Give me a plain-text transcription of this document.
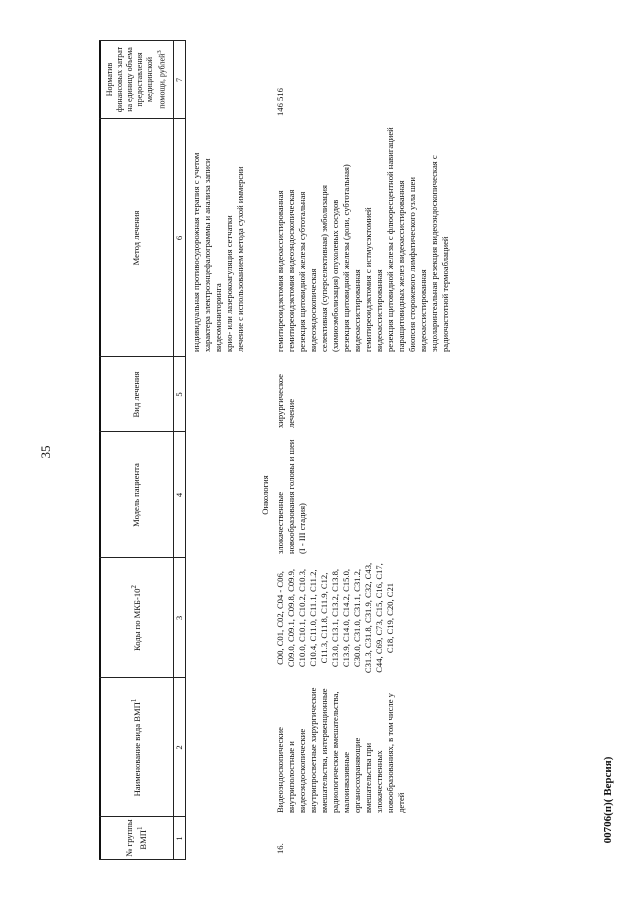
35
00706(п)( Версия)
№ группы ВМП$^1$
Наименование вида ВМП$^1$
Коды по МКБ-$10^2$
Модель пациента
Вид лечения
Метод лечения
Норматив финансовых затрат на единицу объема предоставления медицинской помощи, рублей$^3$
1
2
3
4
5
6
7
индивидуальная противосудорожная терапия с учетом характера электроэнцефалограммы и анализа записи видеомониторинга криo- или лазерокоагуляция сетчатки лечение с использованием метода сухой иммерсии
Онкология
16.
Видеоэндоскопические внутриполостные и видеоэндоскопические внутрипросветные хирургические вмешательства, интервенционные радиологические вмешательства, малоинвазивные органосохраняющие вмешательства при злокачественных новообразованиях, в том числе у детей
C00, C01, C02, C04 - C06, C09.0, C09.1, C09.8, C09.9, C10.0, C10.1, C10.2, C10.3, C10.4, C11.0, C11.1, C11.2, C11.3, C11.8, C11.9, C12, C13.0, C13.1, C13.2, C13.8, C13.9, C14.0, C14.2, C15.0, C30.0, C31.0, C31.1, C31.2, C31.3, C31.8, C31.9, C32, C43, C44, C69, C73, C15, C16, C17, C18, C19, C20, C21
злокачественные новообразования головы и шеи (I - III стадия)
хирургическое лечение
гемитиреоидэктомия видеоассистированная гемитиреоидэктомия видеоэндоскопическая резекция щитовидной железы субтотальная видеоэндоскопическая селективная (суперселективная) эмболизация (химиоэмболизация) опухолевых сосудов резекция щитовидной железы (доли, субтотальная) видеоассистированная гемитиреоидэктомия с истмусэктомией видеоассистированная резекция щитовидной железы с флюоресцентной навигацией паращитовидных желез видеоассистированная биопсия сторожевого лимфатического узла шеи видеоассистированная эндоларингеальная резекция видеоэндоскопическая с радиочастотной термоаблацией
146 516
